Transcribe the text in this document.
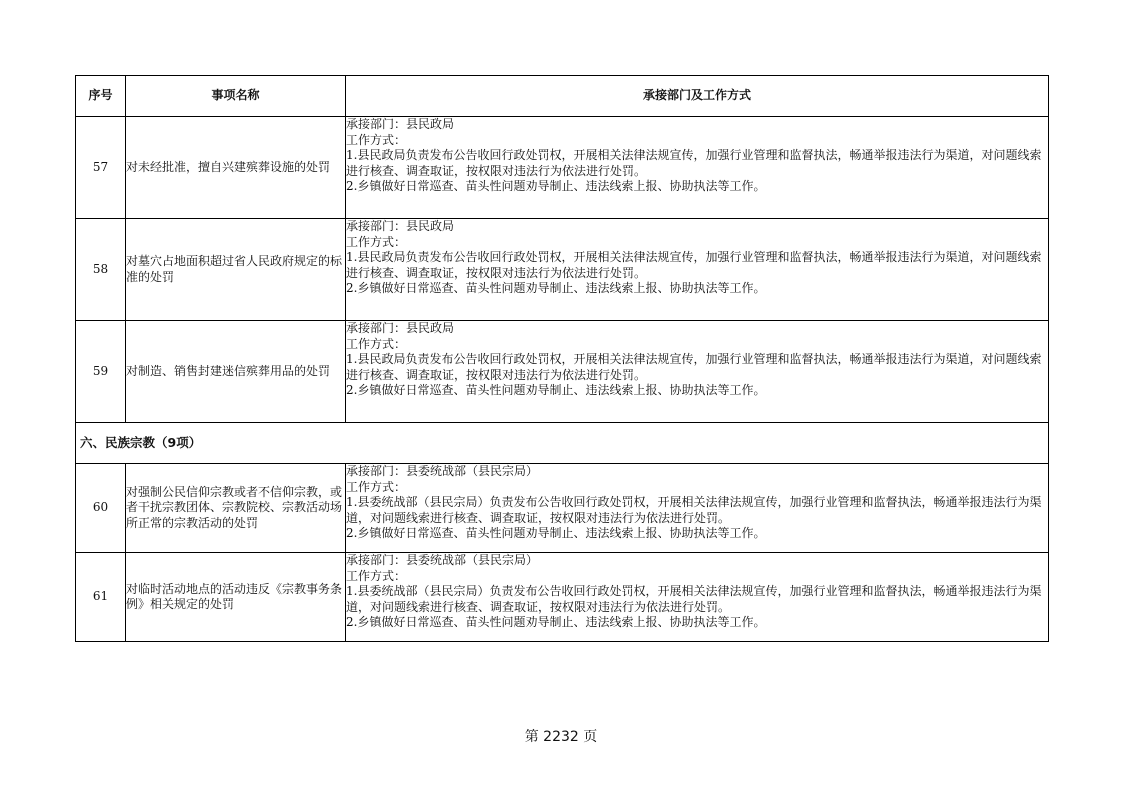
序号	事项名称	承接部门及工作方式
57	对未经批准，擅自兴建殡葬设施的处罚	承接部门：县民政局
工作方式：
1.县民政局负责发布公告收回行政处罚权，开展相关法律法规宣传，加强行业管理和监督执法，畅通举报违法行为渠道，对问题线索进行核查、调查取证，按权限对违法行为依法进行处罚。
2.乡镇做好日常巡查、苗头性问题劝导制止、违法线索上报、协助执法等工作。

58	对墓穴占地面积超过省人民政府规定的标准的处罚	承接部门：县民政局
工作方式：
1.县民政局负责发布公告收回行政处罚权，开展相关法律法规宣传，加强行业管理和监督执法，畅通举报违法行为渠道，对问题线索进行核查、调查取证，按权限对违法行为依法进行处罚。
2.乡镇做好日常巡查、苗头性问题劝导制止、违法线索上报、协助执法等工作。

59	对制造、销售封建迷信殡葬用品的处罚	承接部门：县民政局
工作方式：
1.县民政局负责发布公告收回行政处罚权，开展相关法律法规宣传，加强行业管理和监督执法，畅通举报违法行为渠道，对问题线索进行核查、调查取证，按权限对违法行为依法进行处罚。
2.乡镇做好日常巡查、苗头性问题劝导制止、违法线索上报、协助执法等工作。

六、民族宗教（9项）		
60	对强制公民信仰宗教或者不信仰宗教，或者干扰宗教团体、宗教院校、宗教活动场所正常的宗教活动的处罚	承接部门：县委统战部（县民宗局）
工作方式：
1.县委统战部（县民宗局）负责发布公告收回行政处罚权，开展相关法律法规宣传，加强行业管理和监督执法，畅通举报违法行为渠道，对问题线索进行核查、调查取证，按权限对违法行为依法进行处罚。
2.乡镇做好日常巡查、苗头性问题劝导制止、违法线索上报、协助执法等工作。

61	对临时活动地点的活动违反《宗教事务条例》相关规定的处罚	承接部门：县委统战部（县民宗局）
工作方式：
1.县委统战部（县民宗局）负责发布公告收回行政处罚权，开展相关法律法规宣传，加强行业管理和监督执法，畅通举报违法行为渠道，对问题线索进行核查、调查取证，按权限对违法行为依法进行处罚。
2.乡镇做好日常巡查、苗头性问题劝导制止、违法线索上报、协助执法等工作。
第 2232 页
